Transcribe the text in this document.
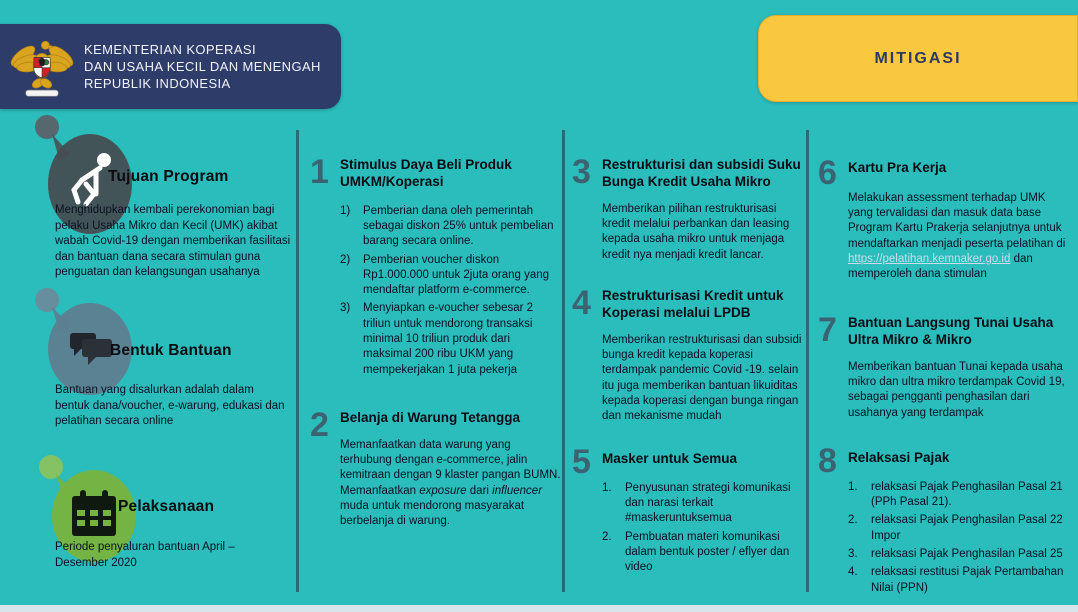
KEMENTERIAN KOPERASI
DAN USAHA KECIL DAN MENENGAH
REPUBLIK INDONESIA
MITIGASI
Tujuan Program
Menghidupkan kembali perekonomian bagi pelaku Usaha Mikro dan Kecil (UMK) akibat wabah Covid-19 dengan memberikan fasilitasi dan bantuan dana secara stimulan guna penguatan dan kelangsungan usahanya
Bentuk Bantuan
Bantuan yang disalurkan adalah dalam bentuk dana/voucher, e-warung, edukasi dan pelatihan secara online
Pelaksanaan
Periode penyaluran bantuan April – Desember 2020
1 Stimulus Daya Beli Produk UMKM/Koperasi
Pemberian dana oleh pemerintah sebagai diskon 25% untuk pembelian barang secara online.
Pemberian voucher diskon Rp1.000.000 untuk 2juta orang yang mendaftar platform e-commerce.
Menyiapkan e-voucher sebesar 2 triliun untuk mendorong transaksi minimal 10 triliun produk dari maksimal 200 ribu UKM yang mempekerjakan 1 juta pekerja
2 Belanja di Warung Tetangga
Memanfaatkan data warung yang terhubung dengan e-commerce, jalin kemitraan dengan 9 klaster pangan BUMN.
Memanfaatkan exposure dari influencer muda untuk mendorong masyarakat berbelanja di warung.
3 Restrukturisi dan subsidi Suku Bunga Kredit Usaha Mikro
Memberikan pilihan restrukturisasi kredit melalui perbankan dan leasing kepada usaha mikro untuk menjaga kredit nya menjadi kredit lancar.
4 Restrukturisasi Kredit untuk Koperasi melalui LPDB
Memberikan restrukturisasi dan subsidi bunga kredit kepada koperasi terdampak pandemic Covid -19. selain itu juga memberikan bantuan likuiditas kepada koperasi dengan bunga ringan dan mekanisme mudah
5 Masker untuk Semua
Penyusunan strategi komunikasi dan narasi terkait #maskeruntuksemua
Pembuatan materi komunikasi dalam bentuk poster / eflyer dan video
6 Kartu Pra Kerja
Melakukan assessment terhadap UMK yang tervalidasi dan masuk data base Program Kartu Prakerja selanjutnya untuk mendaftarkan menjadi peserta pelatihan di https://pelatihan.kemnaker.go.id dan memperoleh dana stimulan
7 Bantuan Langsung Tunai Usaha Ultra Mikro & Mikro
Memberikan bantuan Tunai kepada usaha mikro dan ultra mikro terdampak Covid 19, sebagai pengganti penghasilan dari usahanya yang terdampak
8 Relaksasi Pajak
relaksasi Pajak Penghasilan Pasal 21 (PPh Pasal 21).
relaksasi Pajak Penghasilan Pasal 22 Impor
relaksasi Pajak Penghasilan Pasal 25
relaksasi restitusi Pajak Pertambahan Nilai (PPN)
